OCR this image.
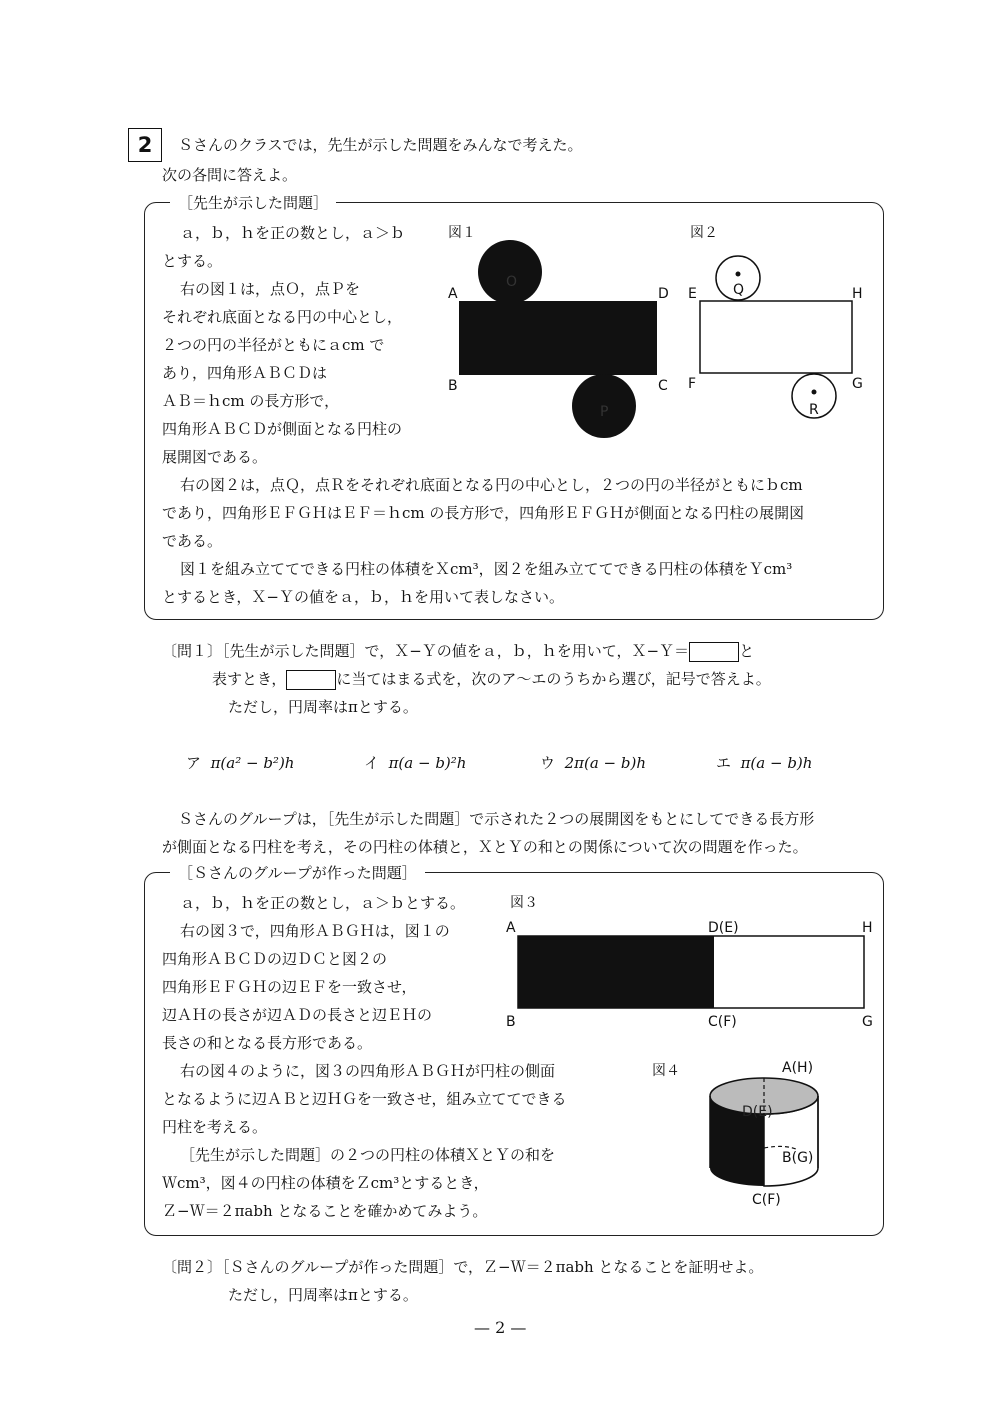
2	Ｓさんのクラスでは，先生が示した問題をみんなで考えた。
次の各問に答えよ。
［先生が示した問題］
ａ，ｂ，ｈを正の数とし，ａ＞ｂ
とする。
右の図１は，点Ｏ，点Ｐを
それぞれ底面となる円の中心とし，
２つの円の半径がともにａcm で
あり，四角形ＡＢＣＤは
ＡＢ＝ｈcm の長方形で，
四角形ＡＢＣＤが側面となる円柱の
展開図である。
右の図２は，点Ｑ，点Ｒをそれぞれ底面となる円の中心とし，２つの円の半径がともにｂcm
であり，四角形ＥＦＧＨはＥＦ＝ｈcm の長方形で，四角形ＥＦＧＨが側面となる円柱の展開図
である。
図１を組み立ててできる円柱の体積をＸcm³，図２を組み立ててできる円柱の体積をＹcm³
とするとき，Ｘ−Ｙの値をａ，ｂ，ｈを用いて表しなさい。
図１
O
P
A	D
B	C
図２
Q
R
E	H
F	G
〔問１〕［先生が示した問題］で，Ｘ−Ｙの値をａ，ｂ，ｈを用いて，Ｘ−Ｙ＝	と
表すとき，	に当てはまる式を，次のア〜エのうちから選び，記号で答えよ。
ただし，円周率はπとする。
ア π(a² − b²)h	イ π(a − b)²h	ウ 2π(a − b)h	エ π(a − b)h
Ｓさんのグループは，［先生が示した問題］で示された２つの展開図をもとにしてできる長方形
が側面となる円柱を考え，その円柱の体積と，ＸとＹの和との関係について次の問題を作った。
［Ｓさんのグループが作った問題］
ａ，ｂ，ｈを正の数とし，ａ＞ｂとする。
右の図３で，四角形ＡＢＧＨは，図１の
四角形ＡＢＣＤの辺ＤＣと図２の
四角形ＥＦＧＨの辺ＥＦを一致させ，
辺ＡＨの長さが辺ＡＤの長さと辺ＥＨの
長さの和となる長方形である。
右の図４のように，図３の四角形ＡＢＧＨが円柱の側面
となるように辺ＡＢと辺ＨＧを一致させ，組み立ててできる
円柱を考える。
［先生が示した問題］の２つの円柱の体積ＸとＹの和を
Ｗcm³，図４の円柱の体積をＺcm³とするとき，
Ｚ−Ｗ＝２πabh となることを確かめてみよう。
図３
A	D(E)	H
B	C(F)	G
図４	A(H)
D(E)
B(G)
C(F)
〔問２〕［Ｓさんのグループが作った問題］で，Ｚ−Ｗ＝２πabh となることを証明せよ。
ただし，円周率はπとする。
— 2 —
